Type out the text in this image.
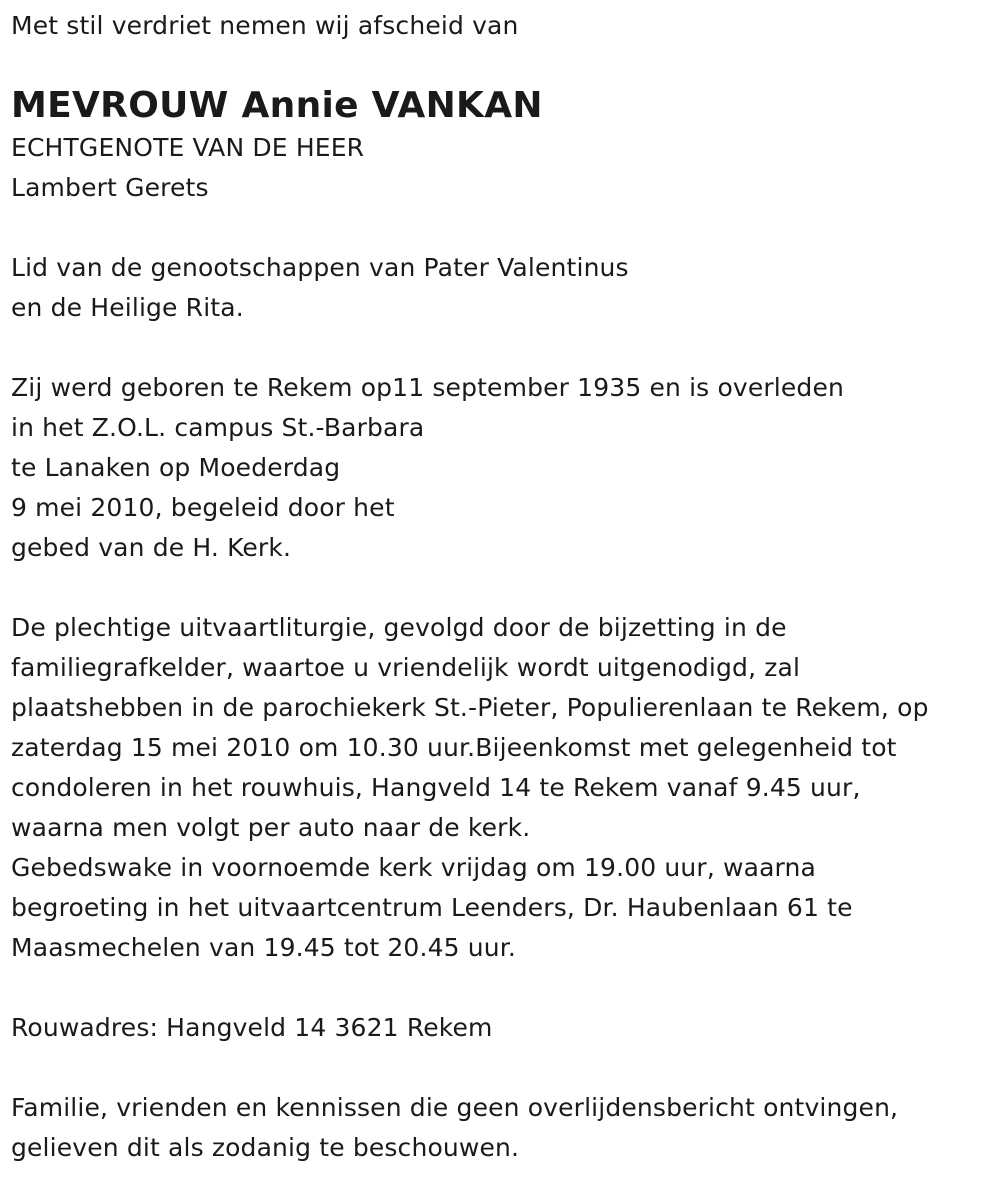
Met stil verdriet nemen wij afscheid van
MEVROUW Annie VANKAN
ECHTGENOTE VAN DE HEER
Lambert Gerets
Lid van de genootschappen van Pater Valentinus
en de Heilige Rita.
Zij werd geboren te Rekem op11 september 1935 en is overleden
in het Z.O.L. campus St.-Barbara
te Lanaken op Moederdag
9 mei 2010, begeleid door het
gebed van de H. Kerk.
De plechtige uitvaartliturgie, gevolgd door de bijzetting in de
familiegrafkelder, waartoe u vriendelijk wordt uitgenodigd, zal
plaatshebben in de parochiekerk St.-Pieter, Populierenlaan te Rekem, op
zaterdag 15 mei 2010 om 10.30 uur.Bijeenkomst met gelegenheid tot
condoleren in het rouwhuis, Hangveld 14 te Rekem vanaf 9.45 uur,
waarna men volgt per auto naar de kerk.
Gebedswake in voornoemde kerk vrijdag om 19.00 uur, waarna
begroeting in het uitvaartcentrum Leenders, Dr. Haubenlaan 61 te
Maasmechelen van 19.45 tot 20.45 uur.
Rouwadres: Hangveld 14 3621 Rekem
Familie, vrienden en kennissen die geen overlijdensbericht ontvingen,
gelieven dit als zodanig te beschouwen.
